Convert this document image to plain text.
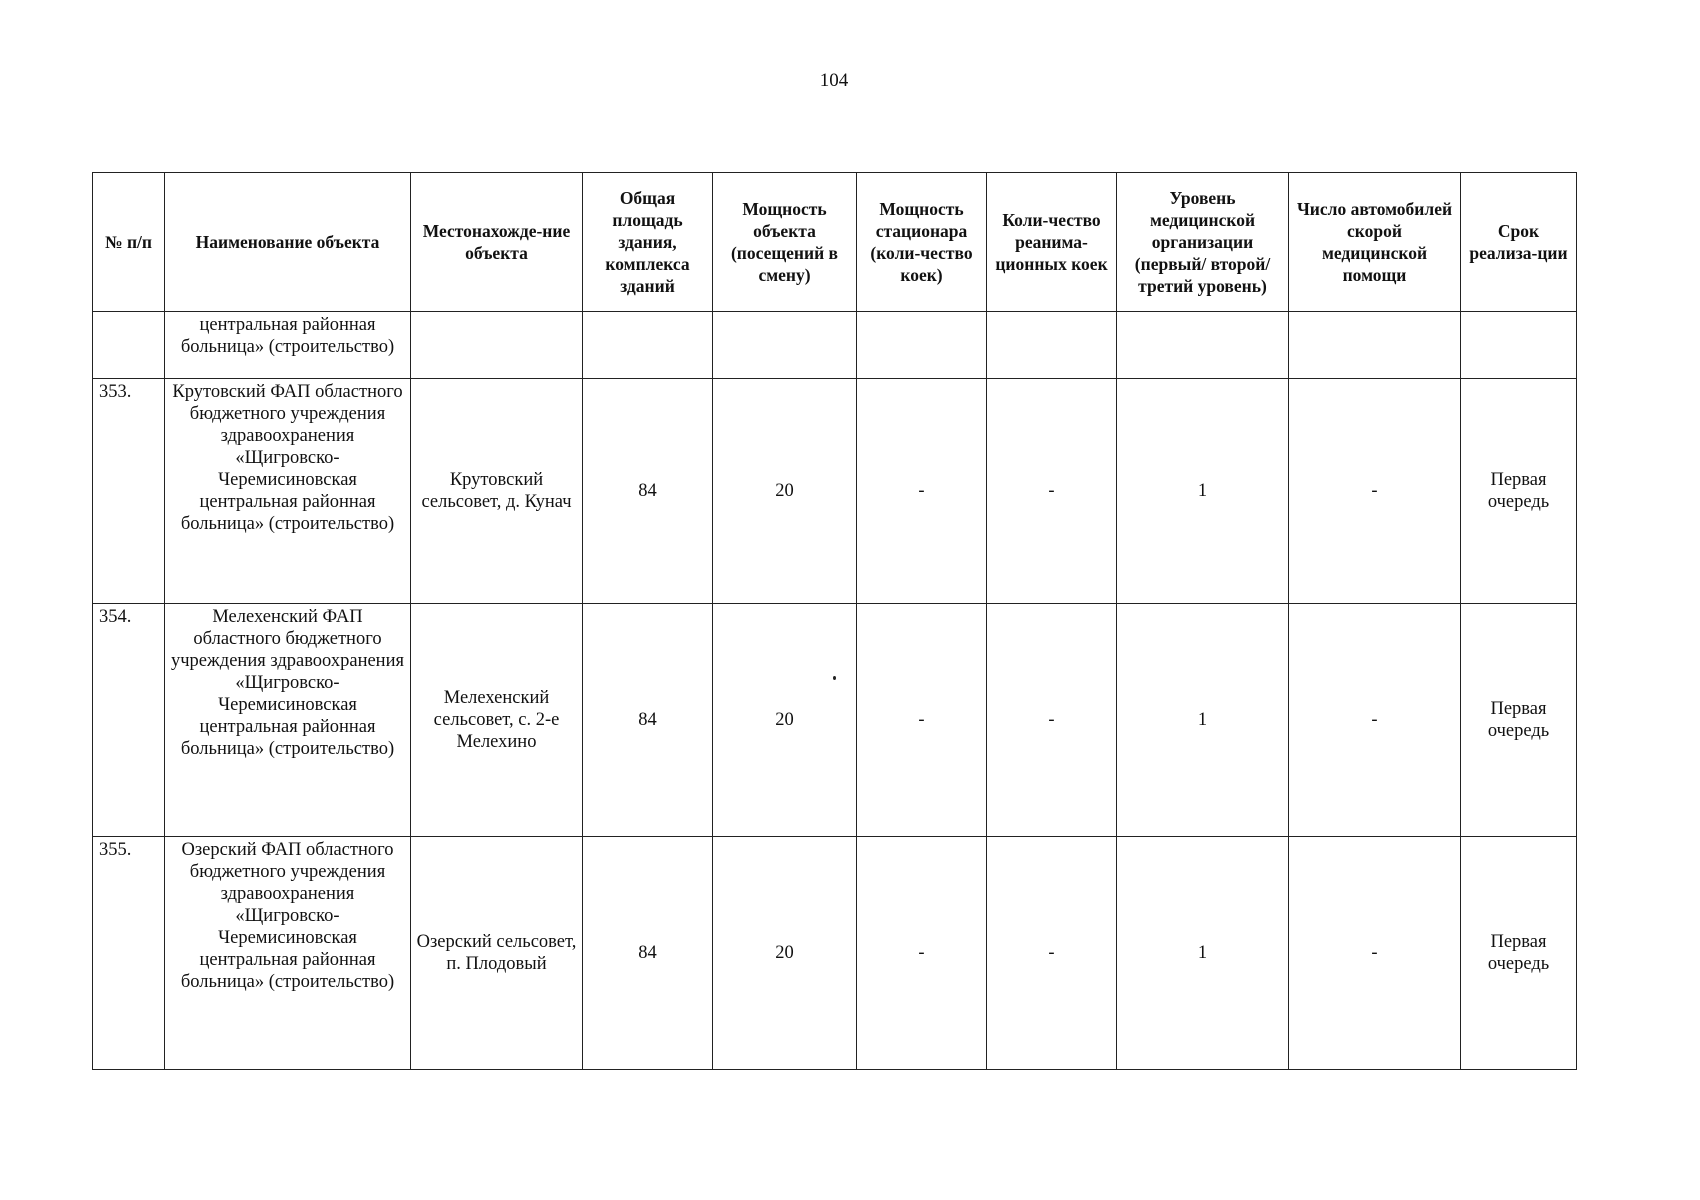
104
№ п/п	Наименование объекта	Местонахожде-ние объекта	Общая площадь здания, комплекса зданий	Мощность объекта (посещений в смену)	Мощность стационара (коли-чество коек)	Коли-чество реанима-ционных коек	Уровень медицинской организации (первый/ второй/ третий уровень)	Число автомобилей скорой медицинской помощи	Срок реализа-ции
	центральная районная больница» (строительство)								
353.	Крутовский ФАП областного бюджетного учреждения здравоохранения «Щигровско-Черемисиновская центральная районная больница» (строительство)	Крутовский сельсовет, д. Кунач	84	20	-	-	1	-	Первая очередь
354.	Мелехенский ФАП областного бюджетного учреждения здравоохранения «Щигровско-Черемисиновская центральная районная больница» (строительство)	Мелехенский сельсовет, с. 2-е Мелехино	84	20	-	-	1	-	Первая очередь
355.	Озерский ФАП областного бюджетного учреждения здравоохранения «Щигровско-Черемисиновская центральная районная больница» (строительство)	Озерский сельсовет, п. Плодовый	84	20	-	-	1	-	Первая очередь
